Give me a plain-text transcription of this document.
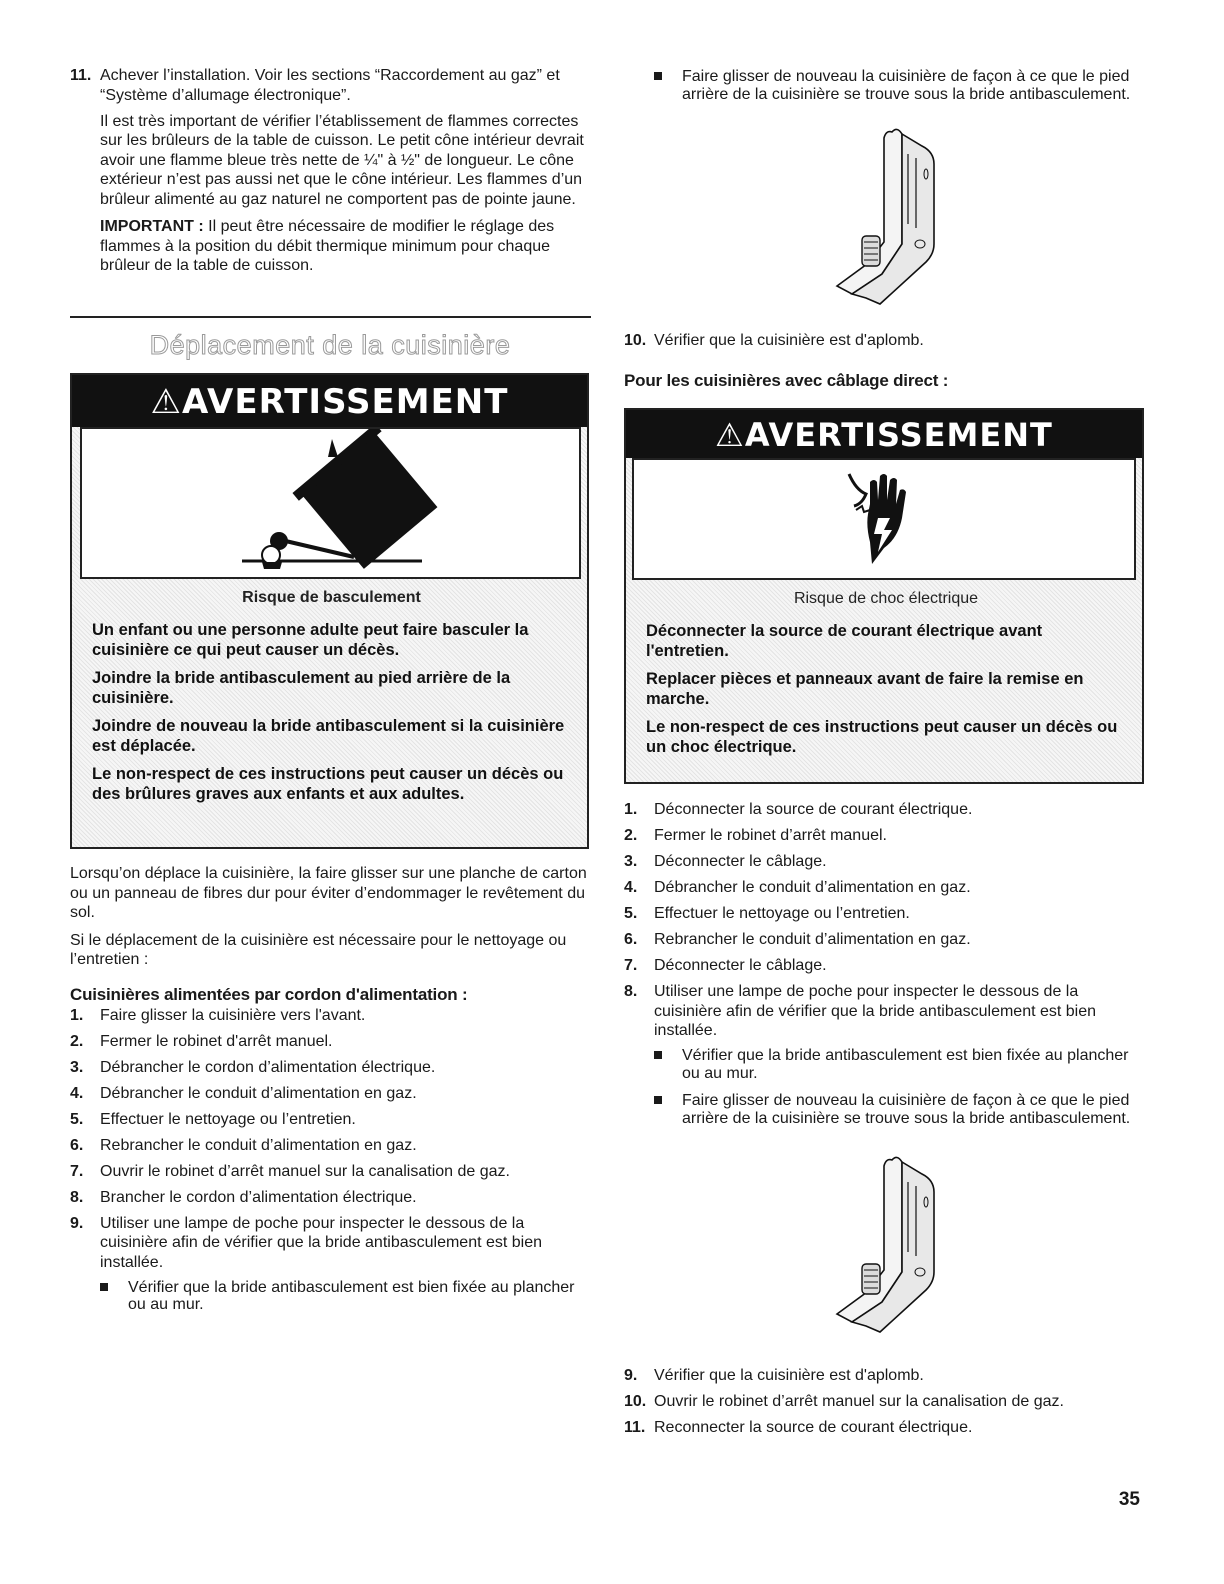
11. Achever l’installation. Voir les sections “Raccordement au gaz” et “Système d’allumage électronique”.

Il est très important de vérifier l’établissement de flammes correctes sur les brûleurs de la table de cuisson. Le petit cône intérieur devrait avoir une flamme bleue très nette de ¼" à ½" de longueur. Le cône extérieur n’est pas aussi net que le cône intérieur. Les flammes d’un brûleur alimenté au gaz naturel ne comportent pas de pointe jaune.

IMPORTANT : Il peut être nécessaire de modifier le réglage des flammes à la position du débit thermique minimum pour chaque brûleur de la table de cuisson.

Déplacement de la cuisinière
⚠AVERTISSEMENT
Risque de basculement

Un enfant ou une personne adulte peut faire basculer la cuisinière ce qui peut causer un décès.

Joindre la bride antibasculement au pied arrière de la cuisinière.

Joindre de nouveau la bride antibasculement si la cuisinière est déplacée.

Le non-respect de ces instructions peut causer un décès ou des brûlures graves aux enfants et aux adultes.

Lorsqu’on déplace la cuisinière, la faire glisser sur une planche de carton ou un panneau de fibres dur pour éviter d’endommager le revêtement du sol.

Si le déplacement de la cuisinière est nécessaire pour le nettoyage ou l’entretien :

Cuisinières alimentées par cordon d'alimentation :

1. Faire glisser la cuisinière vers l'avant.
2. Fermer le robinet d'arrêt manuel.
3. Débrancher le cordon d’alimentation électrique.
4. Débrancher le conduit d’alimentation en gaz.
5. Effectuer le nettoyage ou l’entretien.
6. Rebrancher le conduit d’alimentation en gaz.
7. Ouvrir le robinet d’arrêt manuel sur la canalisation de gaz.
8. Brancher le cordon d’alimentation électrique.
9. Utiliser une lampe de poche pour inspecter le dessous de la cuisinière afin de vérifier que la bride antibasculement est bien installée.
Vérifier que la bride antibasculement est bien fixée au plancher ou au mur.
Faire glisser de nouveau la cuisinière de façon à ce que le pied arrière de la cuisinière se trouve sous la bride antibasculement.
10. Vérifier que la cuisinière est d'aplomb.

Pour les cuisinières avec câblage direct :

⚠AVERTISSEMENT
Risque de choc électrique

Déconnecter la source de courant électrique avant l'entretien.

Replacer pièces et panneaux avant de faire la remise en marche.

Le non-respect de ces instructions peut causer un décès ou un choc électrique.

1. Déconnecter la source de courant électrique.
2. Fermer le robinet d’arrêt manuel.
3. Déconnecter le câblage.
4. Débrancher le conduit d’alimentation en gaz.
5. Effectuer le nettoyage ou l’entretien.
6. Rebrancher le conduit d’alimentation en gaz.
7. Déconnecter le câblage.
8. Utiliser une lampe de poche pour inspecter le dessous de la cuisinière afin de vérifier que la bride antibasculement est bien installée.
Vérifier que la bride antibasculement est bien fixée au plancher ou au mur.
Faire glisser de nouveau la cuisinière de façon à ce que le pied arrière de la cuisinière se trouve sous la bride antibasculement.
9. Vérifier que la cuisinière est d'aplomb.
10. Ouvrir le robinet d’arrêt manuel sur la canalisation de gaz.
11. Reconnecter la source de courant électrique.
35
